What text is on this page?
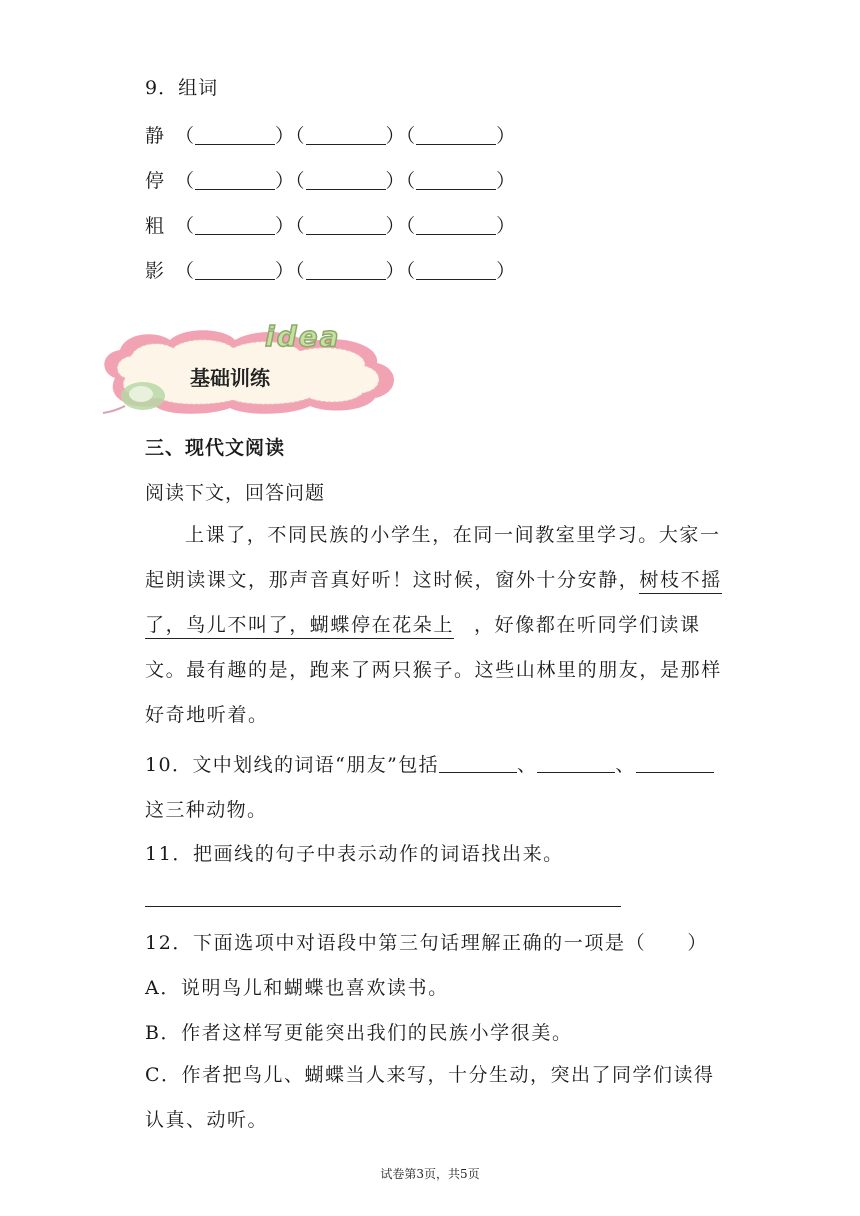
9．组词
静 （	）（	）（	）
停 （	）（	）（	）
粗 （	）（	）（	）
影 （	）（	）（	）
idea
基础训练
三、现代文阅读
阅读下文，回答问题
上课了，不同民族的小学生，在同一间教室里学习。大家一起朗读课文，那声音真好听！这时候，窗外十分安静，树枝不摇了，鸟儿不叫了，蝴蝶停在花朵上 ，好像都在听同学们读课文。最有趣的是，跑来了两只猴子。这些山林里的朋友，是那样好奇地听着。
10．文中划线的词语“朋友”包括	、	、这三种动物。
11．把画线的句子中表示动作的词语找出来。
12．下面选项中对语段中第三句话理解正确的一项是（　　）
A．说明鸟儿和蝴蝶也喜欢读书。
B．作者这样写更能突出我们的民族小学很美。
C．作者把鸟儿、蝴蝶当人来写，十分生动，突出了同学们读得认真、动听。
试卷第3页，共5页
